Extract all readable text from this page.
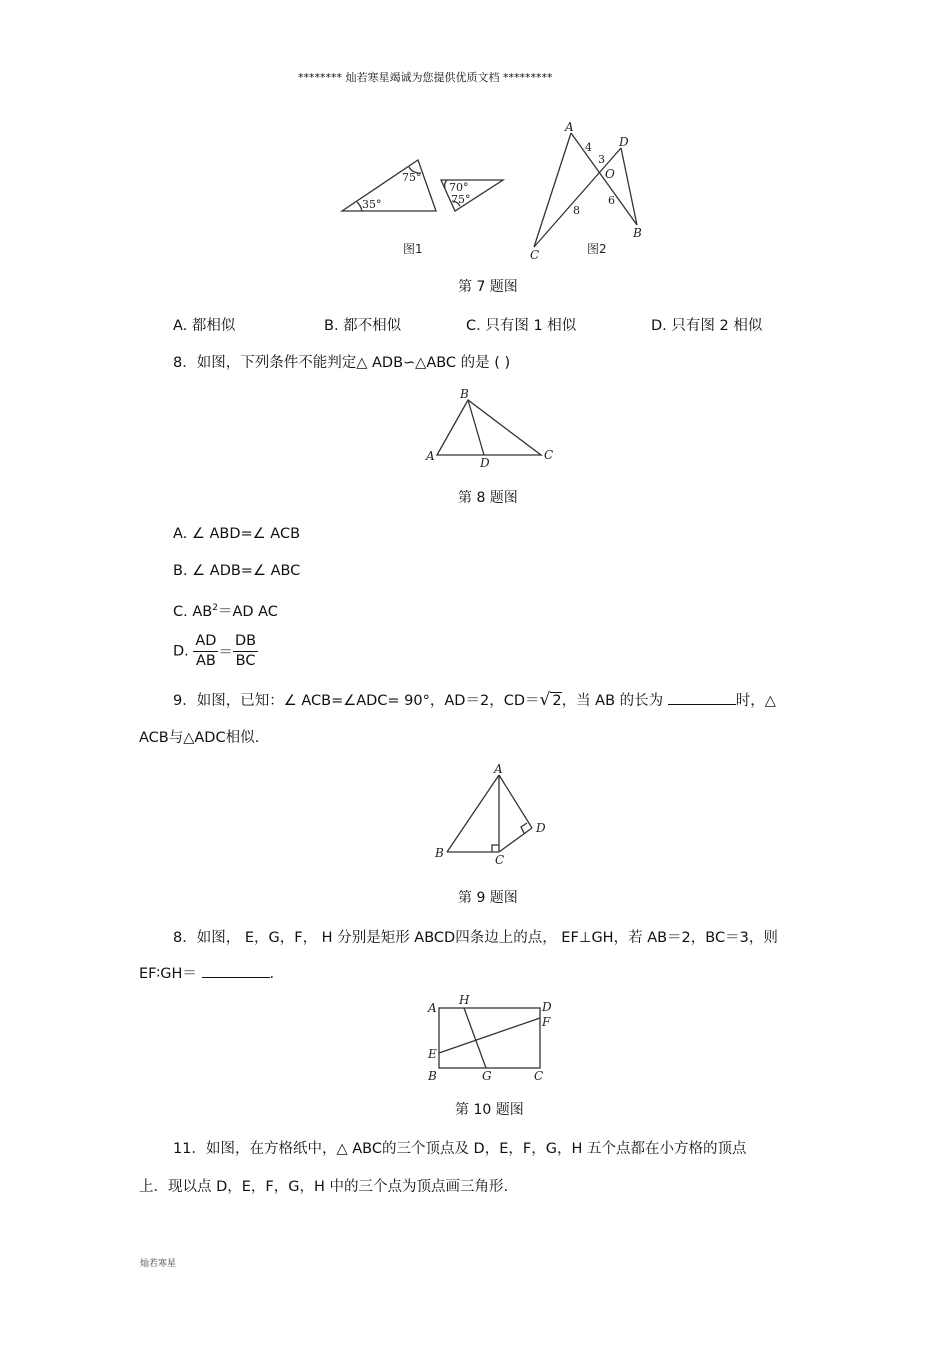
******** 灿若寒星竭诚为您提供优质文档 *********
75°
35°
70°
75°
图1
A
D
O
C
B
4
3
8
6
图2
B
A	D
C
A
D
B	C
A
H	D
F
E
B	G	C
第 7 题图
A. 都相似	B. 都不相似	C. 只有图 1 相似	D. 只有图 2 相似
8．如图，下列条件不能判定△ ADB∽△ABC 的是 ( )
第 8 题图
A. ∠ ABD=∠ ACB
B. ∠ ADB=∠ ABC
C. $AB^2=AD$ AC
D. $\frac{AD}{AB} = \frac{DB}{BC}$
9．如图，已知：∠ ACB=∠ADC= 90°，AD＝2，CD＝√ 2，当 AB 的长为	时，△
ACB与△ADC相似.
第 9 题图
8．如图， E，G，F， H 分别是矩形 ABCD四条边上的点， EF⊥GH，若 AB＝2，BC＝3，则
EF∶GH＝	.
第 10 题图
11．如图，在方格纸中，△ ABC的三个顶点及 D，E，F，G，H 五个点都在小方格的顶点
上．现以点 D，E，F，G，H 中的三个点为顶点画三角形.
灿若寒星
